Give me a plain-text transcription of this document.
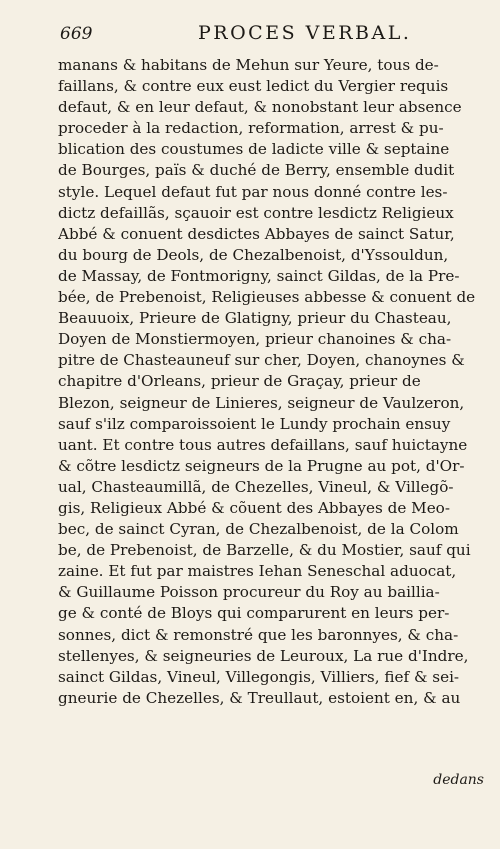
669	PROCES VERBAL.
manans & habitans de Mehun sur Yeure, tous de-
faillans, & contre eux eust ledict du Vergier requis
defaut, & en leur defaut, & nonobstant leur absence
proceder à la redaction, reformation, arrest & pu-
blication des coustumes de ladicte ville & septaine
de Bourges, païs & duché de Berry, ensemble dudit
style. Lequel defaut fut par nous donné contre les-
dictz defaillãs, sçauoir est contre lesdictz Religieux
Abbé & conuent desdictes Abbayes de sainct Satur,
du bourg de Deols, de Chezalbenoist, d'Yssouldun,
de Massay, de Fontmorigny, sainct Gildas, de la Pre-
bée, de Prebenoist, Religieuses abbesse & conuent de
Beauuoix, Prieure de Glatigny, prieur du Chasteau,
Doyen de Monstiermoyen, prieur chanoines & cha-
pitre de Chasteauneuf sur cher, Doyen, chanoynes &
chapitre d'Orleans, prieur de Graçay, prieur de
Blezon, seigneur de Linieres, seigneur de Vaulzeron,
sauf s'ilz comparoissoient le Lundy prochain ensuy
uant. Et contre tous autres defaillans, sauf huictayne
& cõtre lesdictz seigneurs de la Prugne au pot, d'Or-
ual, Chasteaumillã, de Chezelles, Vineul, & Villegõ-
gis, Religieux Abbé & cõuent des Abbayes de Meo-
bec, de sainct Cyran, de Chezalbenoist, de la Colom
be, de Prebenoist, de Barzelle, & du Mostier, sauf qui
zaine. Et fut par maistres Iehan Seneschal aduocat,
& Guillaume Poisson procureur du Roy au baillia-
ge & conté de Bloys qui comparurent en leurs per-
sonnes, dict & remonstré que les baronnyes, & cha-
stellenyes, & seigneuries de Leuroux, La rue d'Indre,
sainct Gildas, Vineul, Villegongis, Villiers, fief & sei-
gneurie de Chezelles, & Treullaut, estoient en, & au
dedans
